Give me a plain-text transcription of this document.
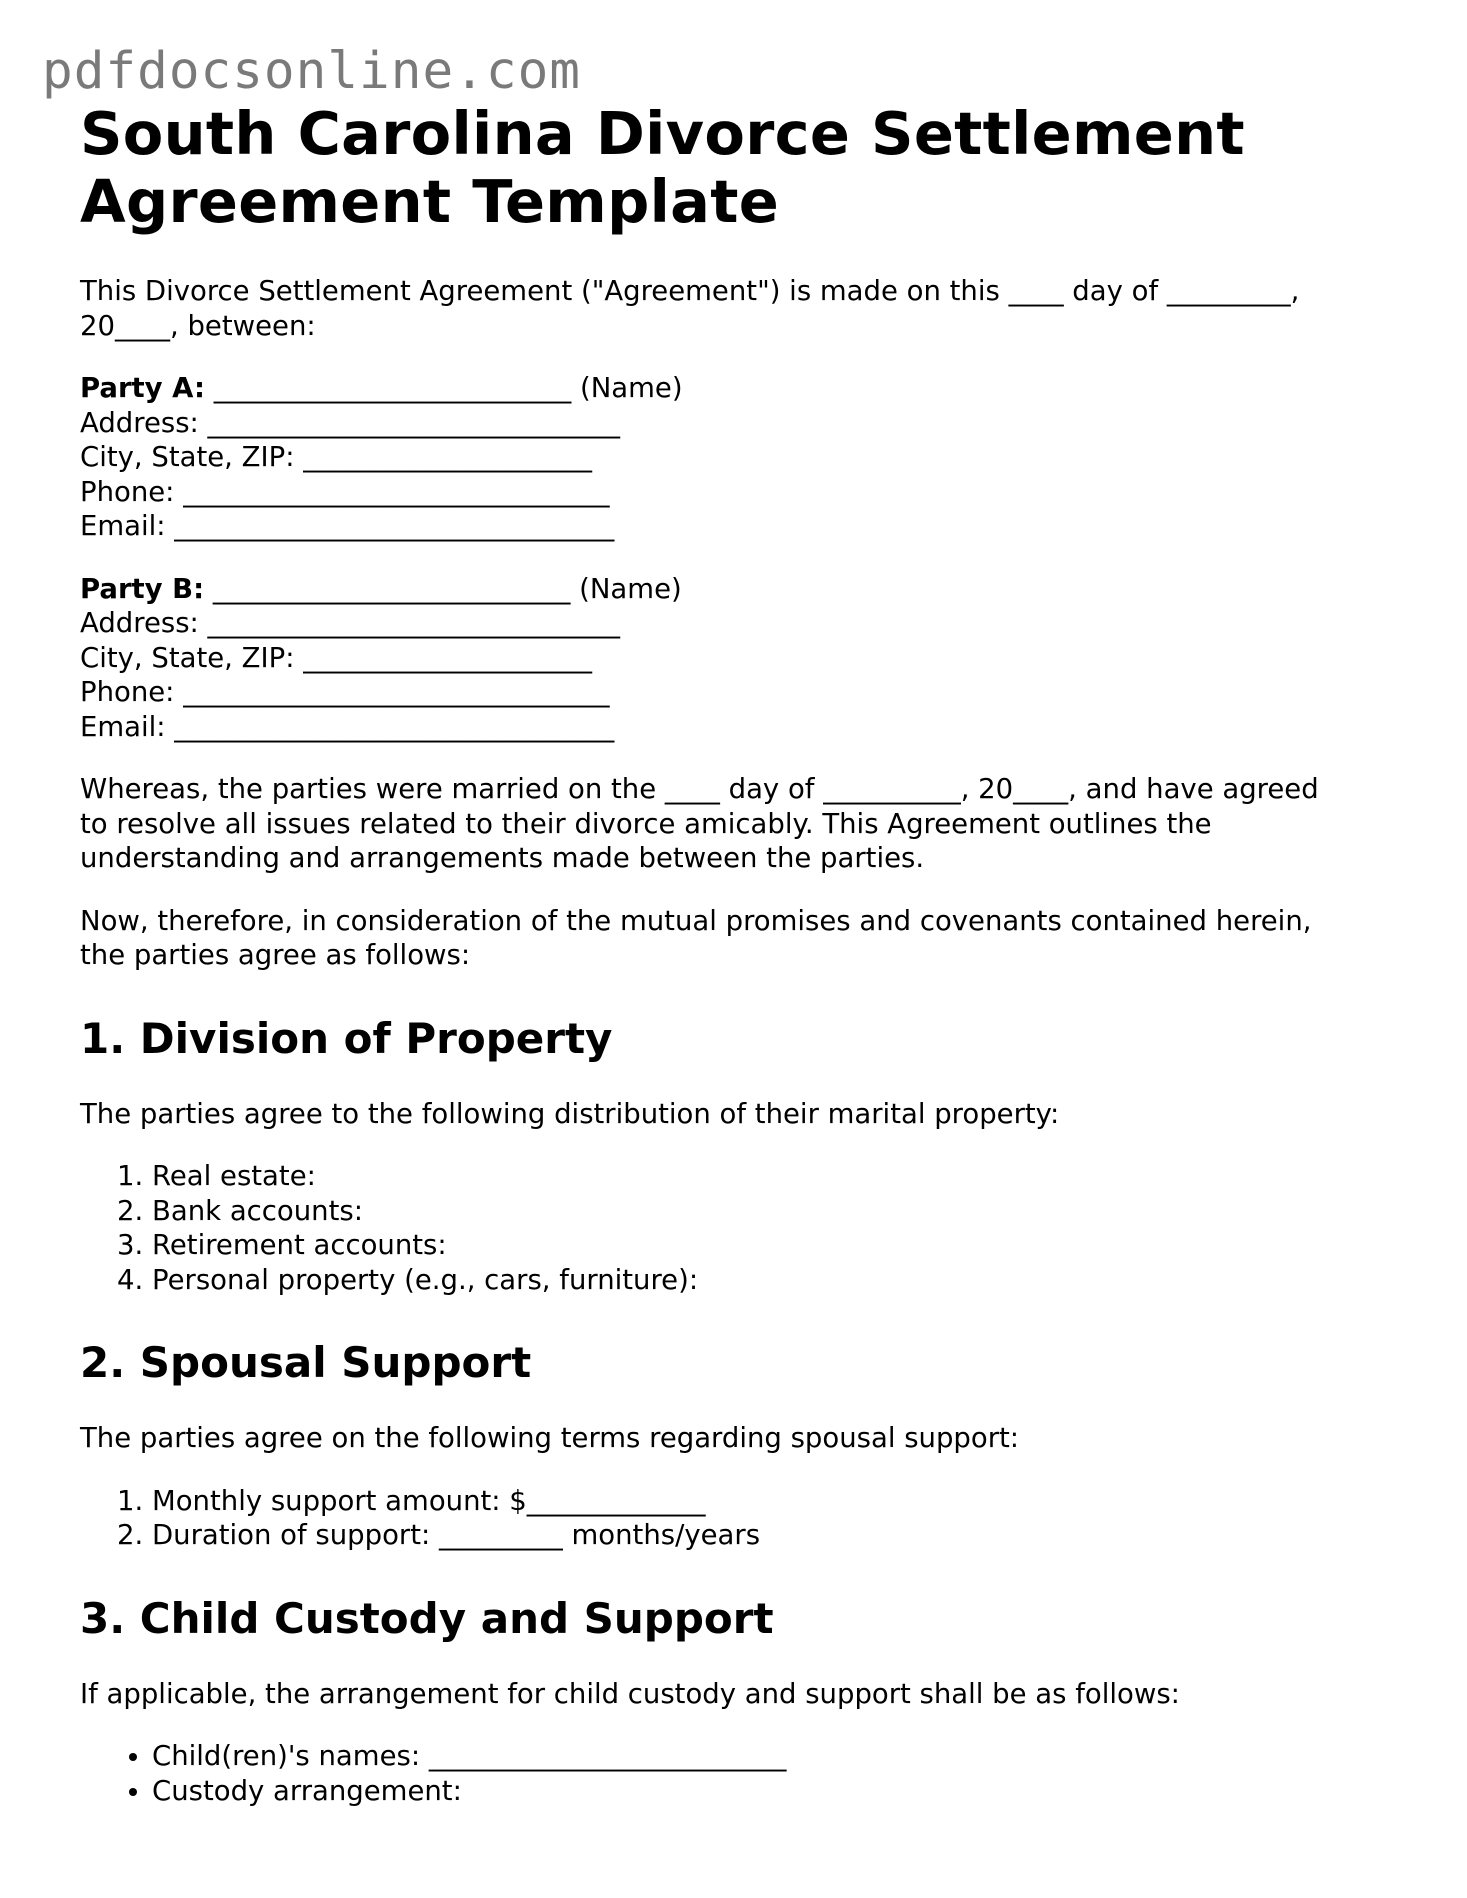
pdfdocsonline.com
South Carolina Divorce Settlement Agreement Template
This Divorce Settlement Agreement ("Agreement") is made on this ____ day of _________,
20____, between:
Party A: __________________________ (Name)
Address: ______________________________
City, State, ZIP: _____________________
Phone: _______________________________
Email: ________________________________
Party B: __________________________ (Name)
Address: ______________________________
City, State, ZIP: _____________________
Phone: _______________________________
Email: ________________________________
Whereas, the parties were married on the ____ day of __________, 20____, and have agreed
to resolve all issues related to their divorce amicably. This Agreement outlines the
understanding and arrangements made between the parties.
Now, therefore, in consideration of the mutual promises and covenants contained herein,
the parties agree as follows:
1. Division of Property

The parties agree to the following distribution of their marital property:

1. Real estate:
2. Bank accounts:
3. Retirement accounts:
4. Personal property (e.g., cars, furniture):
2. Spousal Support

The parties agree on the following terms regarding spousal support:

1. Monthly support amount: $_____________
2. Duration of support: _________ months/years
3. Child Custody and Support

If applicable, the arrangement for child custody and support shall be as follows:

• Child(ren)'s names: __________________________
• Custody arrangement:
